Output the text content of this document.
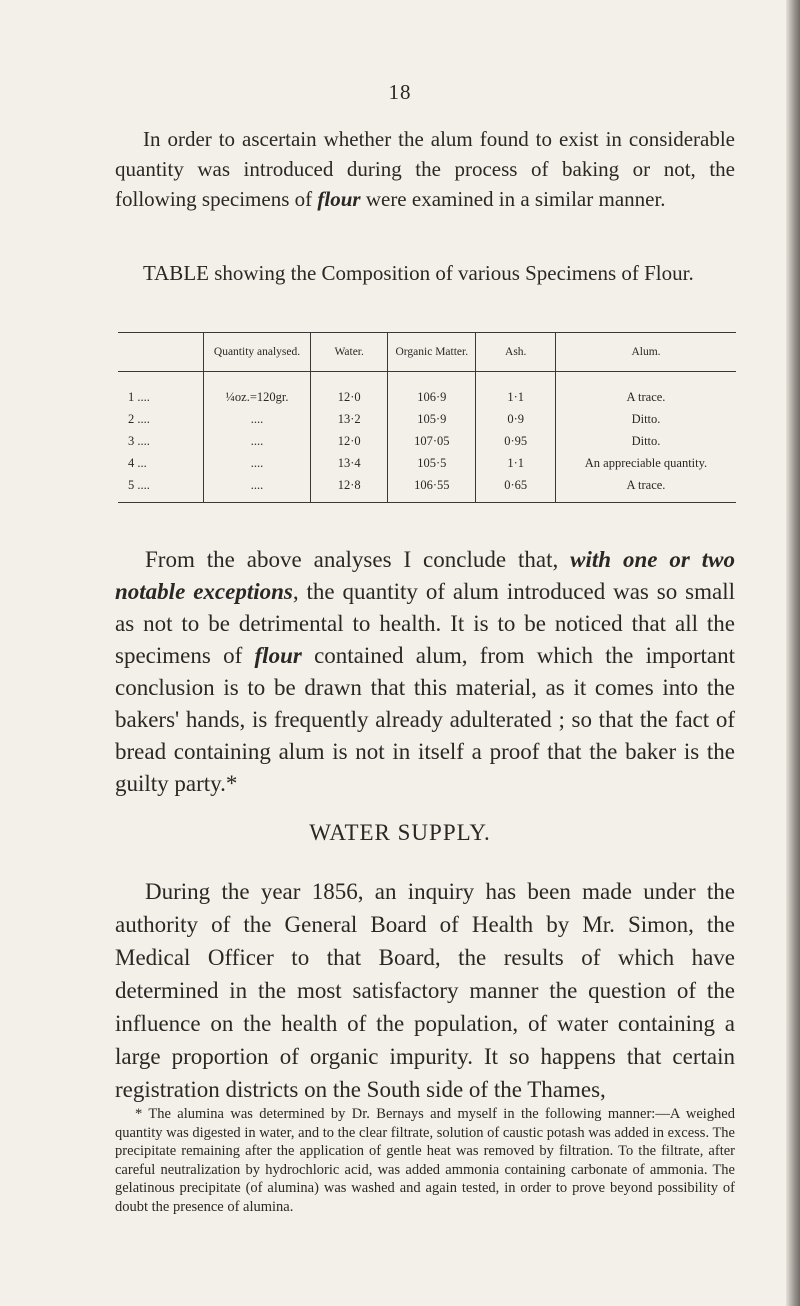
18

In order to ascertain whether the alum found to exist in considerable quantity was introduced during the process of baking or not, the following specimens of flour were examined in a similar manner.

TABLE showing the Composition of various Specimens of Flour.

	Quantity analysed.	Water.	Organic Matter.	Ash.	Alum.

1 ....	¼oz.=120gr.	12·0	106·9	1·1	A trace.
2 ....	....	13·2	105·9	0·9	Ditto.
3 ....	....	12·0	107·05	0·95	Ditto.
4 ...	....	13·4	105·5	1·1	An appreciable quantity.
5 ....	....	12·8	106·55	0·65	A trace.

From the above analyses I conclude that, with one or two notable exceptions, the quantity of alum introduced was so small as not to be detrimental to health. It is to be noticed that all the specimens of flour contained alum, from which the important conclusion is to be drawn that this material, as it comes into the bakers' hands, is frequently already adulterated ; so that the fact of bread containing alum is not in itself a proof that the baker is the guilty party.*

WATER SUPPLY.

During the year 1856, an inquiry has been made under the authority of the General Board of Health by Mr. Simon, the Medical Officer to that Board, the results of which have determined in the most satisfactory manner the question of the influence on the health of the population, of water containing a large proportion of organic impurity. It so happens that certain registration districts on the South side of the Thames,

* The alumina was determined by Dr. Bernays and myself in the following manner:—A weighed quantity was digested in water, and to the clear filtrate, solution of caustic potash was added in excess. The precipitate remaining after the application of gentle heat was removed by filtration. To the filtrate, after careful neutralization by hydrochloric acid, was added ammonia containing carbonate of ammonia. The gelatinous precipitate (of alumina) was washed and again tested, in order to prove beyond possibility of doubt the presence of alumina.
